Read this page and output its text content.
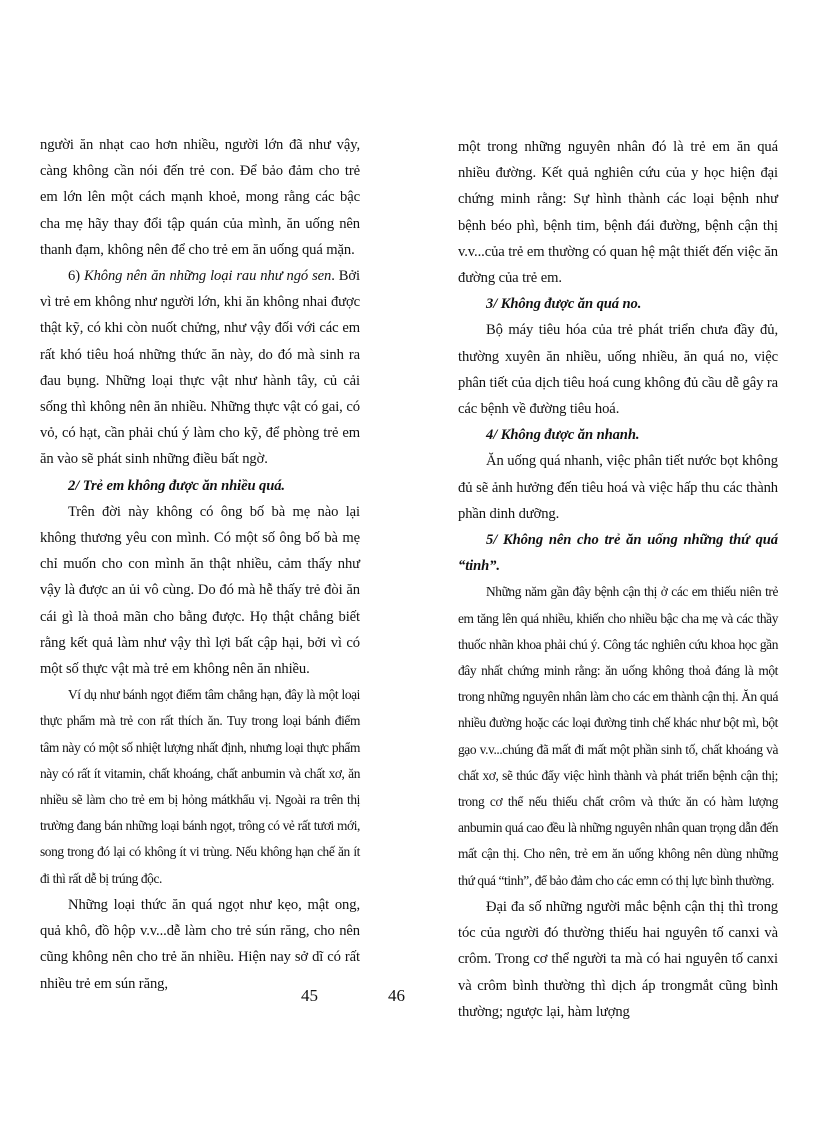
người ăn nhạt cao hơn nhiều, người lớn đã như vậy, càng không cần nói đến trẻ con. Để bảo đảm cho trẻ em lớn lên một cách mạnh khoẻ, mong rằng các bậc cha mẹ hãy thay đổi tập quán của mình, ăn uống nên thanh đạm, không nên để cho trẻ em ăn uống quá mặn.

6) Không nên ăn những loại rau như ngó sen. Bởi vì trẻ em không như người lớn, khi ăn không nhai được thật kỹ, có khi còn nuốt chửng, như vậy đối với các em rất khó tiêu hoá những thức ăn này, do đó mà sinh ra đau bụng. Những loại thực vật như hành tây, củ cải sống thì không nên ăn nhiều. Những thực vật có gai, có vỏ, có hạt, cần phải chú ý làm cho kỹ, để phòng trẻ em ăn vào sẽ phát sinh những điều bất ngờ.

2/ Trẻ em không được ăn nhiều quá.

Trên đời này không có ông bố bà mẹ nào lại không thương yêu con mình. Có một số ông bố bà mẹ chỉ muốn cho con mình ăn thật nhiều, cảm thấy như vậy là được an ủi vô cùng. Do đó mà hễ thấy trẻ đòi ăn cái gì là thoả mãn cho bằng được. Họ thật chẳng biết rằng kết quả làm như vậy thì lợi bất cập hại, bởi vì có một số thực vật mà trẻ em không nên ăn nhiều.

Ví dụ như bánh ngọt điểm tâm chẳng hạn, đây là một loại thực phẩm mà trẻ con rất thích ăn. Tuy trong loại bánh điểm tâm này có một số nhiệt lượng nhất định, nhưng loại thực phẩm này có rất ít vitamin, chất khoáng, chất anbumin và chất xơ, ăn nhiều sẽ làm cho trẻ em bị hỏng mátkhẩu vị. Ngoài ra trên thị trường đang bán những loại bánh ngọt, trông có vẻ rất tươi mới, song trong đó lại có không ít vi trùng. Nếu không hạn chế ăn ít đi thì rất dễ bị trúng độc.

Những loại thức ăn quá ngọt như kẹo, mật ong, quả khô, đồ hộp v.v...dễ làm cho trẻ sún răng, cho nên cũng không nên cho trẻ ăn nhiều. Hiện nay sở dĩ có rất nhiều trẻ em sún răng,

một trong những nguyên nhân đó là trẻ em ăn quá nhiều đường. Kết quả nghiên cứu của y học hiện đại chứng minh rằng: Sự hình thành các loại bệnh như bệnh béo phì, bệnh tim, bệnh đái đường, bệnh cận thị v.v...của trẻ em thường có quan hệ mật thiết đến việc ăn đường của trẻ em.

3/ Không được ăn quá no.

Bộ máy tiêu hóa của trẻ phát triển chưa đầy đủ, thường xuyên ăn nhiều, uống nhiều, ăn quá no, việc phân tiết của dịch tiêu hoá cung không đủ cầu dễ gây ra các bệnh về đường tiêu hoá.

4/ Không được ăn nhanh.

Ăn uống quá nhanh, việc phân tiết nước bọt không đủ sẽ ảnh hưởng đến tiêu hoá và việc hấp thu các thành phần dinh dưỡng.

5/ Không nên cho trẻ ăn uống những thứ quá “tinh”.

Những năm gần đây bệnh cận thị ở các em thiếu niên trẻ em tăng lên quá nhiều, khiến cho nhiều bậc cha mẹ và các thầy thuốc nhãn khoa phải chú ý. Công tác nghiên cứu khoa học gần đây nhất chứng minh rằng: ăn uống không thoả đáng là một trong những nguyên nhân làm cho các em thành cận thị. Ăn quá nhiều đường hoặc các loại đường tinh chế khác như bột mì, bột gạo v.v...chúng đã mất đi mất một phần sinh tố, chất khoáng và chất xơ, sẽ thúc đẩy việc hình thành và phát triển bệnh cận thị; trong cơ thể nếu thiếu chất crôm và thức ăn có hàm lượng anbumin quá cao đều là những nguyên nhân quan trọng dẫn đến mất cận thị. Cho nên, trẻ em ăn uống không nên dùng những thứ quá “tinh”, để bảo đảm cho các emn có thị lực bình thường.

Đại đa số những người mắc bệnh cận thị thì trong tóc của người đó thường thiếu hai nguyên tố canxi và crôm. Trong cơ thể người ta mà có hai nguyên tố canxi và crôm bình thường thì dịch áp trongmắt cũng bình thường; ngược lại, hàm lượng

45	46
